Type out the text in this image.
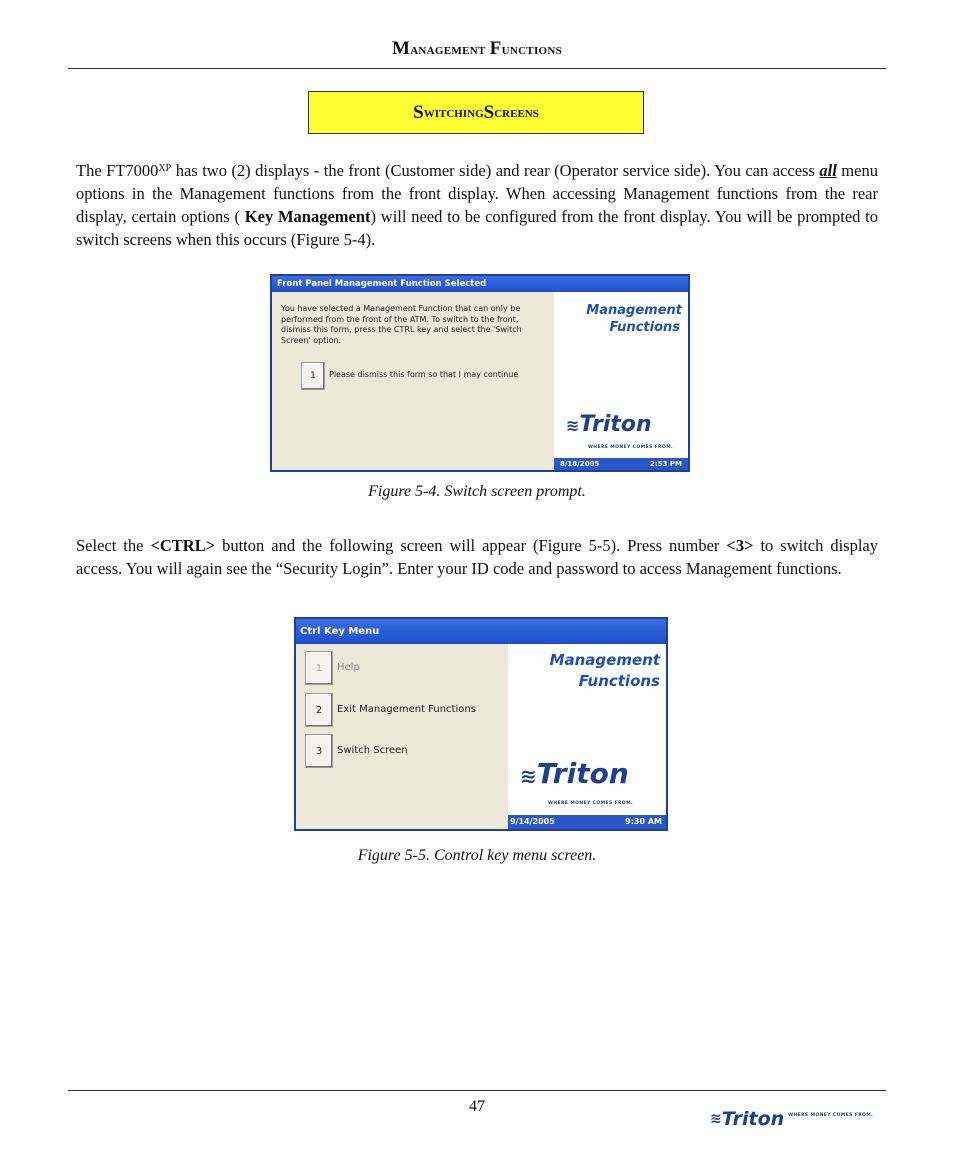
Management Functions
S witching S creens
The $FT7000^{XP}$ has two (2) displays - the front (Customer side) and rear (Operator service side). You can access all menu options in the Management functions from the front display. When accessing Management functions from the rear display, certain options ( Key Management) will need to be configured from the front display. You will be prompted to switch screens when this occurs (Figure 5-4).
Front Panel Management Function Selected
You have selected a Management Function that can only be performed from the front of the ATM. To switch to the front, dismiss this form, press the CTRL key and select the 'Switch Screen' option.
1 Please dismiss this form so that I may continue
Management
Functions
≋Triton
WHERE MONEY COMES FROM.
8/18/2005	2:53 PM
Figure 5-4. Switch screen prompt.
Select the <CTRL> button and the following screen will appear (Figure 5-5). Press number <3> to switch display access. You will again see the “Security Login”. Enter your ID code and password to access Management functions.
Ctrl Key Menu
1 Help
2 Exit Management Functions
3 Switch Screen
Management
Functions
≋Triton
WHERE MONEY COMES FROM.
9/14/2005	9:30 AM
Figure 5-5. Control key menu screen.
47
≋ Triton WHERE MONEY COMES FROM.
